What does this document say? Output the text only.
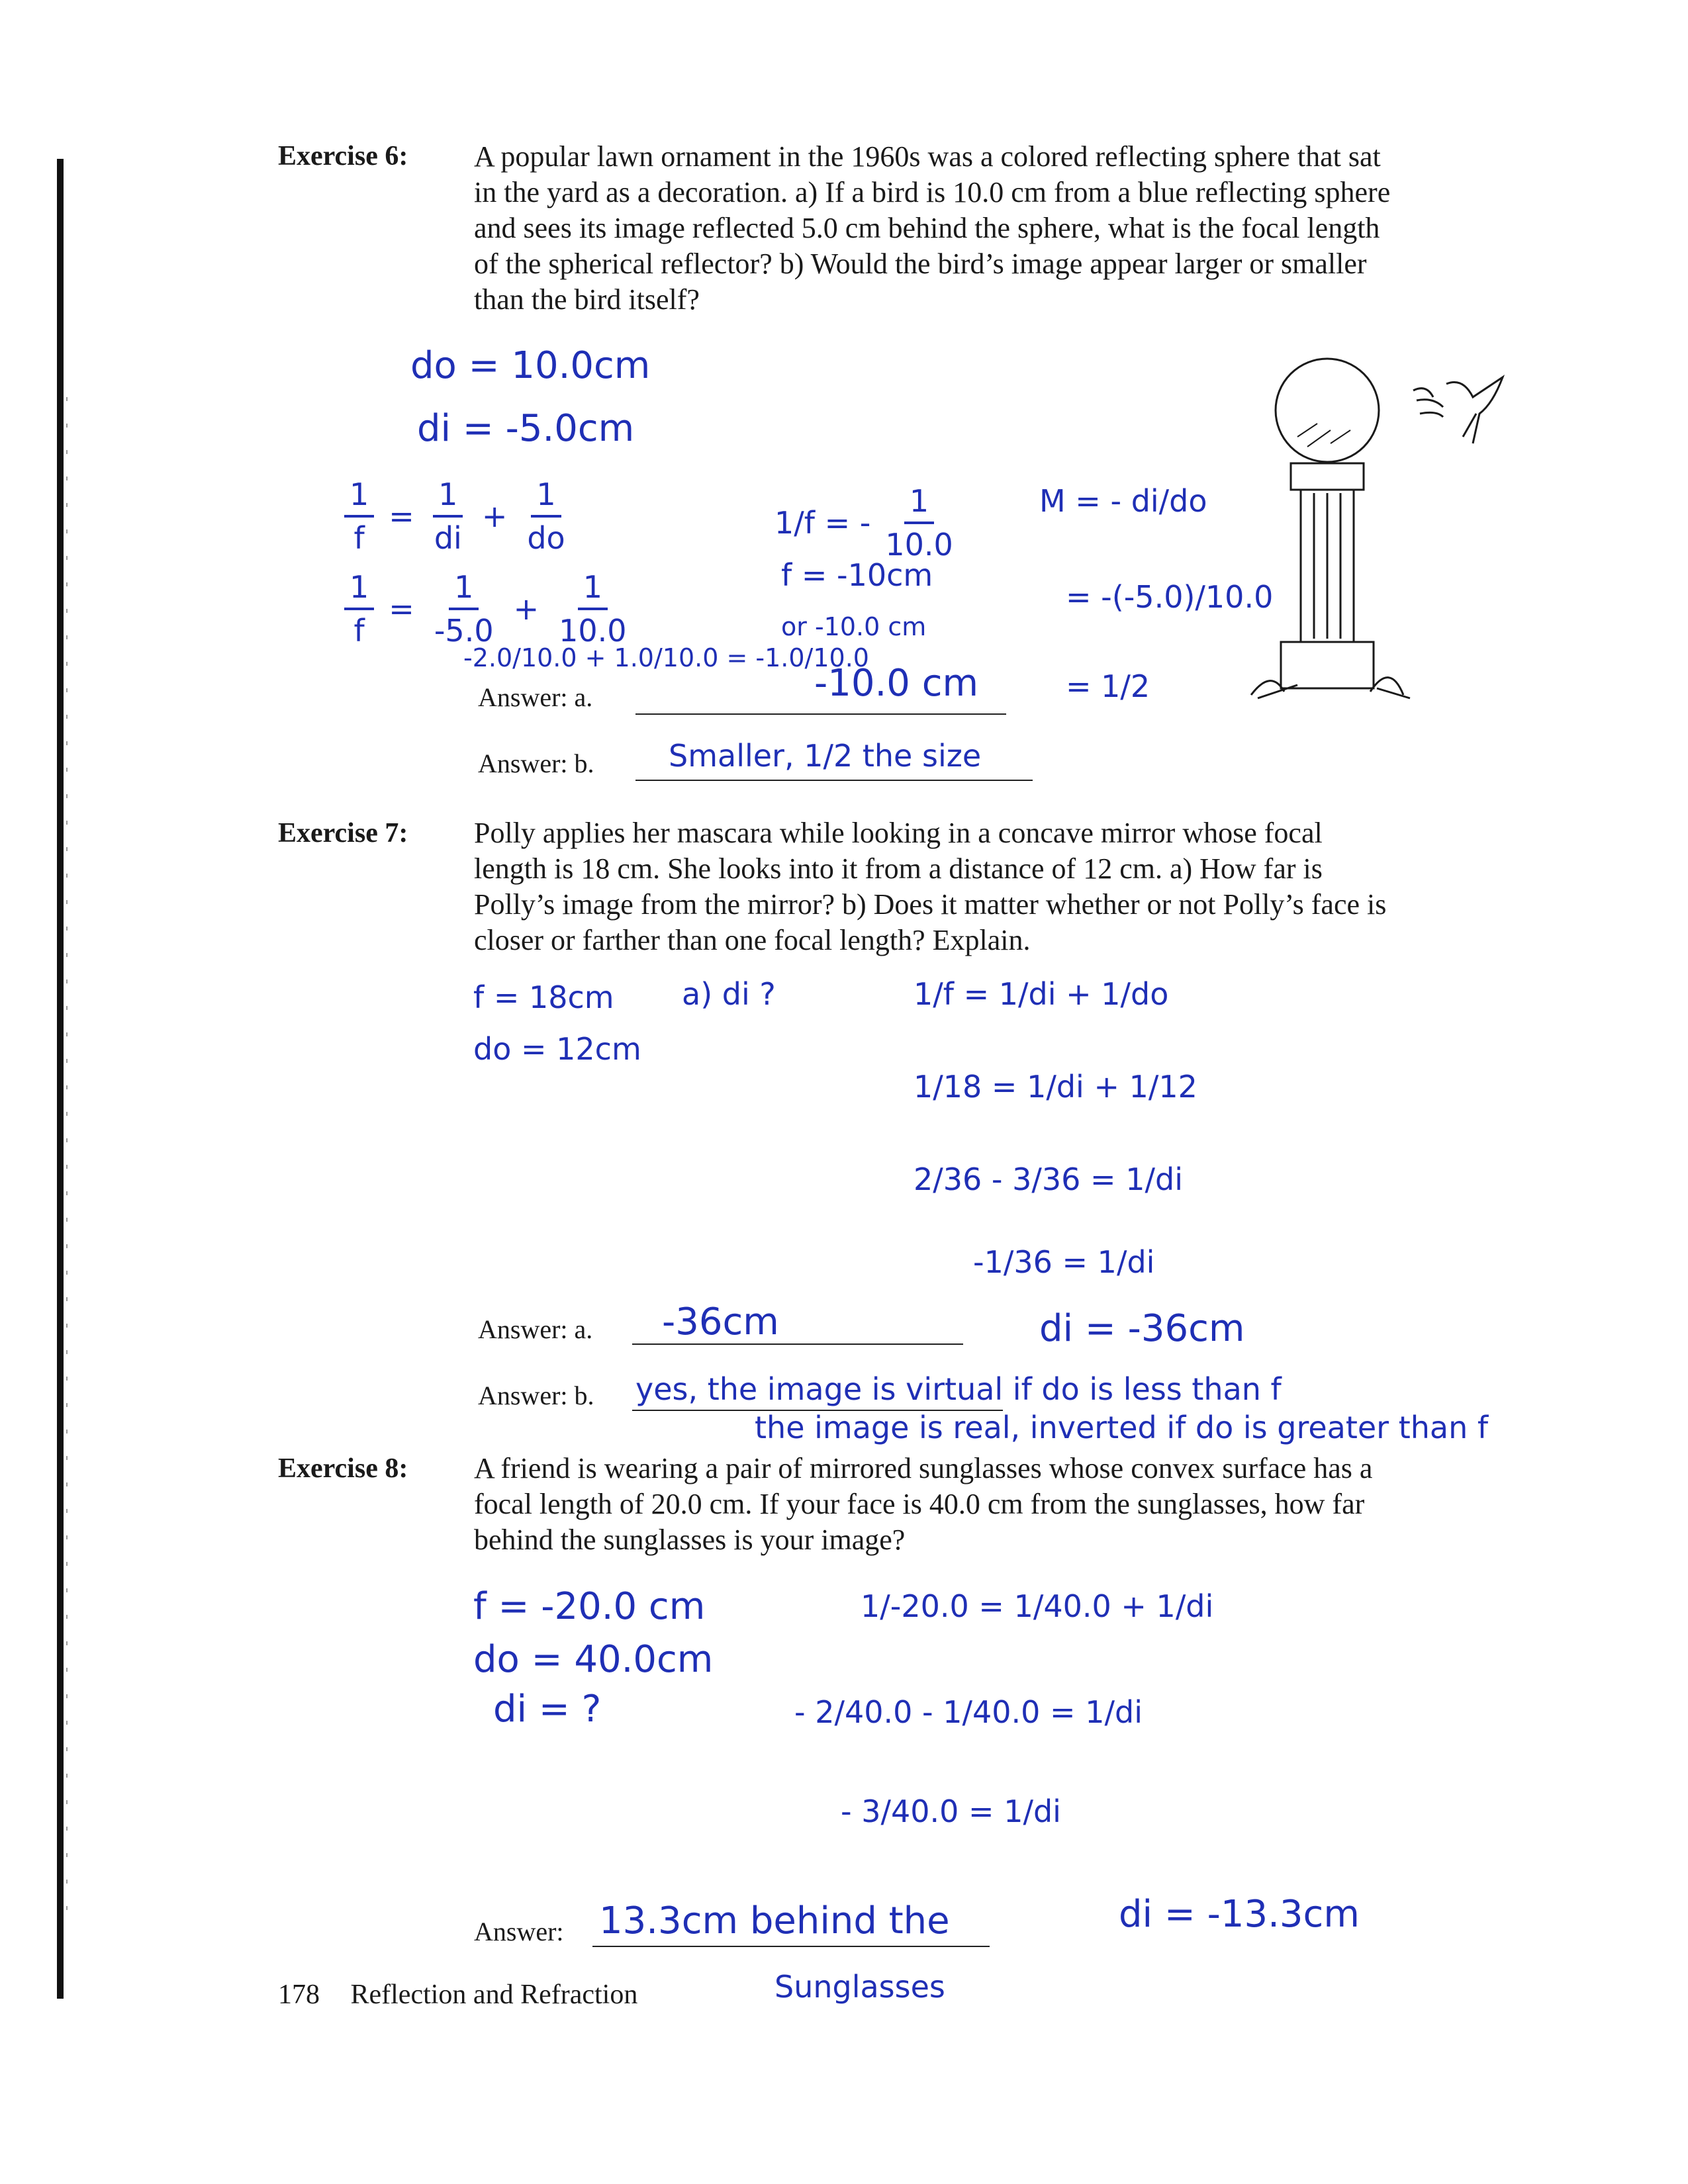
Exercise 6: A popular lawn ornament in the 1960s was a colored reflecting sphere that sat
in the yard as a decoration. a) If a bird is 10.0 cm from a blue reflecting sphere
and sees its image reflected 5.0 cm behind the sphere, what is the focal length
of the spherical reflector? b) Would the bird’s image appear larger or smaller
than the bird itself?
do = 10.0cm
di = -5.0cm
$\frac{1}{f} = \frac{1}{di} + \frac{1}{do}$
$\frac{1}{f} = \frac{1}{-5.0} + \frac{1}{10.0}$
-2.0/10.0 + 1.0/10.0 = -1.0/10.0
1/f = - $\frac{1}{10.0}$
f = -10cm
or -10.0 cm
M = - di/do
= -(-5.0)/10.0
= 1/2
Answer: a.	-10.0 cm
Answer: b. Smaller, 1/2 the size
Exercise 7: Polly applies her mascara while looking in a concave mirror whose focal
length is 18 cm. She looks into it from a distance of 12 cm. a) How far is
Polly’s image from the mirror? b) Does it matter whether or not Polly’s face is
closer or farther than one focal length? Explain.
f = 18cm
do = 12cm
a) di ?	1/f = 1/di + 1/do
1/18 = 1/di + 1/12
2/36 - 3/36 = 1/di
-1/36 = 1/di
di = -36cm
Answer: a. -36cm
Answer: b. yes, the image is virtual if do is less than f
the image is real, inverted if do is greater than f
Exercise 8: A friend is wearing a pair of mirrored sunglasses whose convex surface has a
focal length of 20.0 cm. If your face is 40.0 cm from the sunglasses, how far
behind the sunglasses is your image?
f = -20.0 cm
do = 40.0cm
di = ?
1/-20.0 = 1/40.0 + 1/di
- 2/40.0 - 1/40.0 = 1/di
- 3/40.0 = 1/di
di = -13.3cm
Answer: 13.3cm behind the
Sunglasses
178 Reflection and Refraction
